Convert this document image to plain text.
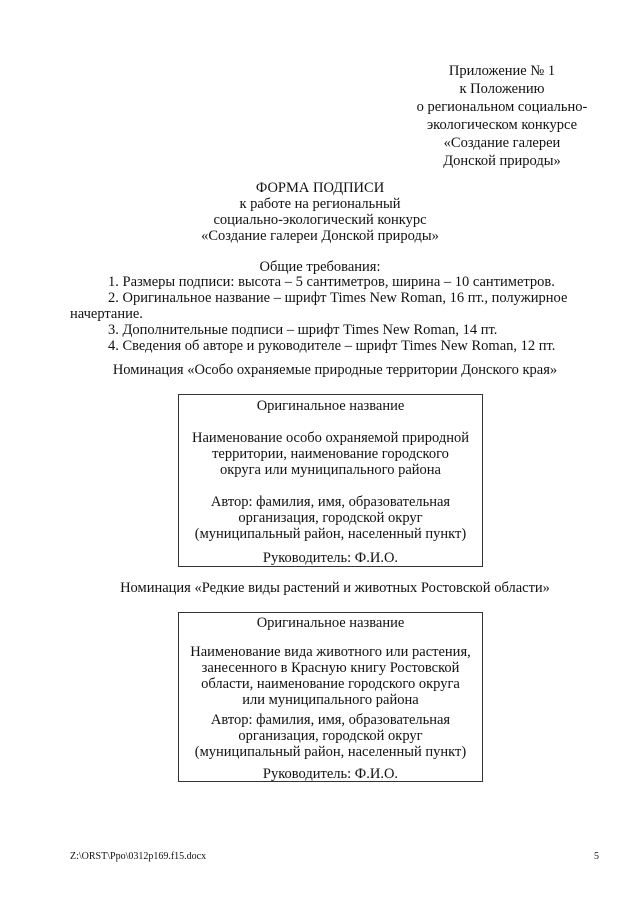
Приложение № 1
к Положению
о региональном социально-
экологическом конкурсе
«Создание галереи
Донской природы»
ФОРМА ПОДПИСИ
к работе на региональный
социально-экологический конкурс
«Создание галереи Донской природы»
Общие требования:

1. Размеры подписи: высота – 5 сантиметров, ширина – 10 сантиметров.

2. Оригинальное название – шрифт Times New Roman, 16 пт., полужирное начертание.

3. Дополнительные подписи – шрифт Times New Roman, 14 пт.

4. Сведения об авторе и руководителе – шрифт Times New Roman, 12 пт.

Номинация «Особо охраняемые природные территории Донского края»
Оригинальное название
Наименование особо охраняемой природной
территории, наименование городского
округа или муниципального района
Автор: фамилия, имя, образовательная
организация, городской округ
(муниципальный район, населенный пункт)
Руководитель: Ф.И.О.
Номинация «Редкие виды растений и животных Ростовской области»
Оригинальное название
Наименование вида животного или растения,
занесенного в Красную книгу Ростовской
области, наименование городского округа
или муниципального района
Автор: фамилия, имя, образовательная
организация, городской округ
(муниципальный район, населенный пункт)
Руководитель: Ф.И.О.
Z:\ORST\Ppo\0312p169.f15.docx	5
